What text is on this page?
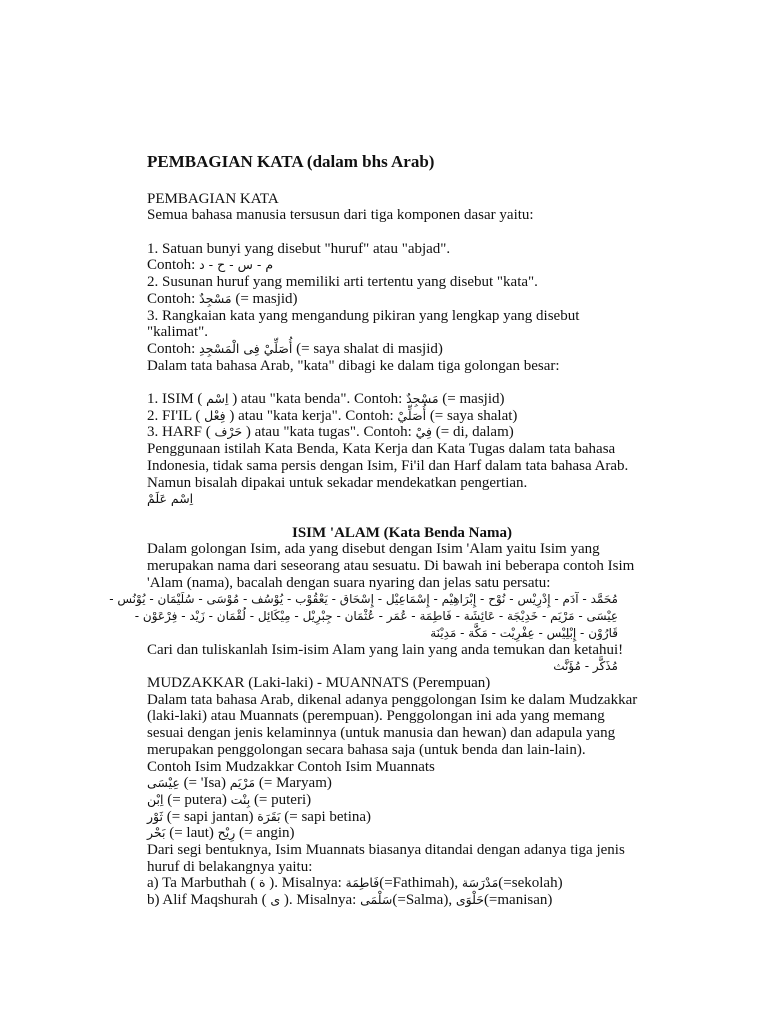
PEMBAGIAN KATA (dalam bhs Arab)
PEMBAGIAN KATA
Semua bahasa manusia tersusun dari tiga komponen dasar yaitu:
1. Satuan bunyi yang disebut "huruf" atau "abjad".
Contoh: م - س - ح - د
2. Susunan huruf yang memiliki arti tertentu yang disebut "kata".
Contoh: مَسْجِدٌ (= masjid)
3. Rangkaian kata yang mengandung pikiran yang lengkap yang disebut
"kalimat".
Contoh: أُصَلِّيْ فِى الْمَسْجِدِ (= saya shalat di masjid)
Dalam tata bahasa Arab, "kata" dibagi ke dalam tiga golongan besar:
1. ISIM ( اِسْم ) atau "kata benda". Contoh: مَسْجِدٌ (= masjid)
2. FI'IL ( فِعْل ) atau "kata kerja". Contoh: أُصَلِّيْ (= saya shalat)
3. HARF ( حَرْف ) atau "kata tugas". Contoh: فِيْ (= di, dalam)
Penggunaan istilah Kata Benda, Kata Kerja dan Kata Tugas dalam tata bahasa
Indonesia, tidak sama persis dengan Isim, Fi'il dan Harf dalam tata bahasa Arab.
Namun bisalah dipakai untuk sekadar mendekatkan pengertian.
اِسْم عَلَمْ
ISIM 'ALAM (Kata Benda Nama)
Dalam golongan Isim, ada yang disebut dengan Isim 'Alam yaitu Isim yang
merupakan nama dari seseorang atau sesuatu. Di bawah ini beberapa contoh Isim
'Alam (nama), bacalah dengan suara nyaring dan jelas satu persatu:
مُحَمَّد - آدَم - إِدْرِيْس - نُوْح - إِبْرَاهِيْم - إِسْمَاعِيْل - إِسْحَاق - يَعْقُوْب - يُوْسُف - مُوْسَى - سُلَيْمَان - يُوْنُس -
عِيْسَى - مَرْيَم - خَدِيْجَة - عَائِشَة - فَاطِمَة - عُمَر - عُثْمَان - جِبْرِيْل - مِيْكَائِل - لُقْمَان - زَيْد - فِرْعَوْن -
قَارُوْن - إِبْلِيْس - عِفْرِيْت - مَكَّة - مَدِيْنَة
Cari dan tuliskanlah Isim-isim Alam yang lain yang anda temukan dan ketahui!
مُذَكَّر - مُؤَنَّث
MUDZAKKAR (Laki-laki) - MUANNATS (Perempuan)
Dalam tata bahasa Arab, dikenal adanya penggolongan Isim ke dalam Mudzakkar
(laki-laki) atau Muannats (perempuan). Penggolongan ini ada yang memang
sesuai dengan jenis kelaminnya (untuk manusia dan hewan) dan adapula yang
merupakan penggolongan secara bahasa saja (untuk benda dan lain-lain).
Contoh Isim Mudzakkar Contoh Isim Muannats
عِيْسَى (= 'Isa) مَرْيَم (= Maryam)
اِبْن (= putera) بِنْت (= puteri)
ثَوْر (= sapi jantan) بَقَرَة (= sapi betina)
بَحْر (= laut) رِيْح (= angin)
Dari segi bentuknya, Isim Muannats biasanya ditandai dengan adanya tiga jenis
huruf di belakangnya yaitu:
a) Ta Marbuthah ( ة ). Misalnya: فَاطِمَة(=Fathimah), مَدْرَسَة(=sekolah)
b) Alif Maqshurah ( ى ). Misalnya: سَلْمَى(=Salma), حَلْوَى(=manisan)
